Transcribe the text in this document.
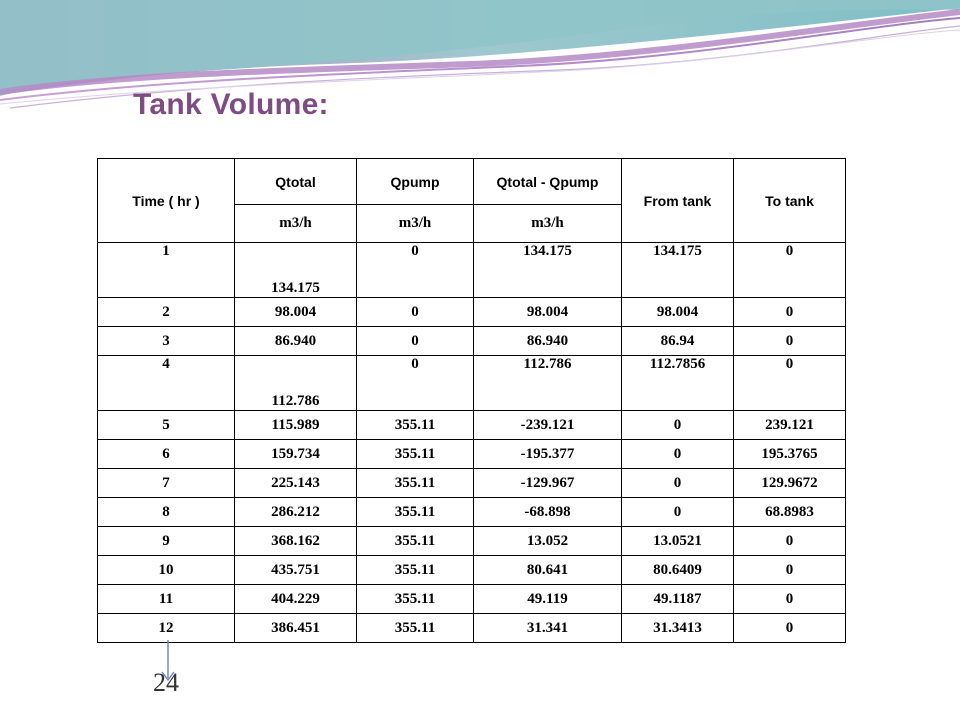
Tank Volume:
Time ( hr )	Qtotal	Qpump	Qtotal - Qpump	From tank	To tank
	m3/h	m3/h	m3/h		
1	134.175	0	134.175	134.175	0
2	98.004	0	98.004	98.004	0
3	86.940	0	86.940	86.94	0
4	112.786	0	112.786	112.7856	0
5	115.989	355.11	-239.121	0	239.121
6	159.734	355.11	-195.377	0	195.3765
7	225.143	355.11	-129.967	0	129.9672
8	286.212	355.11	-68.898	0	68.8983
9	368.162	355.11	13.052	13.0521	0
10	435.751	355.11	80.641	80.6409	0
11	404.229	355.11	49.119	49.1187	0
12	386.451	355.11	31.341	31.3413	0
24
